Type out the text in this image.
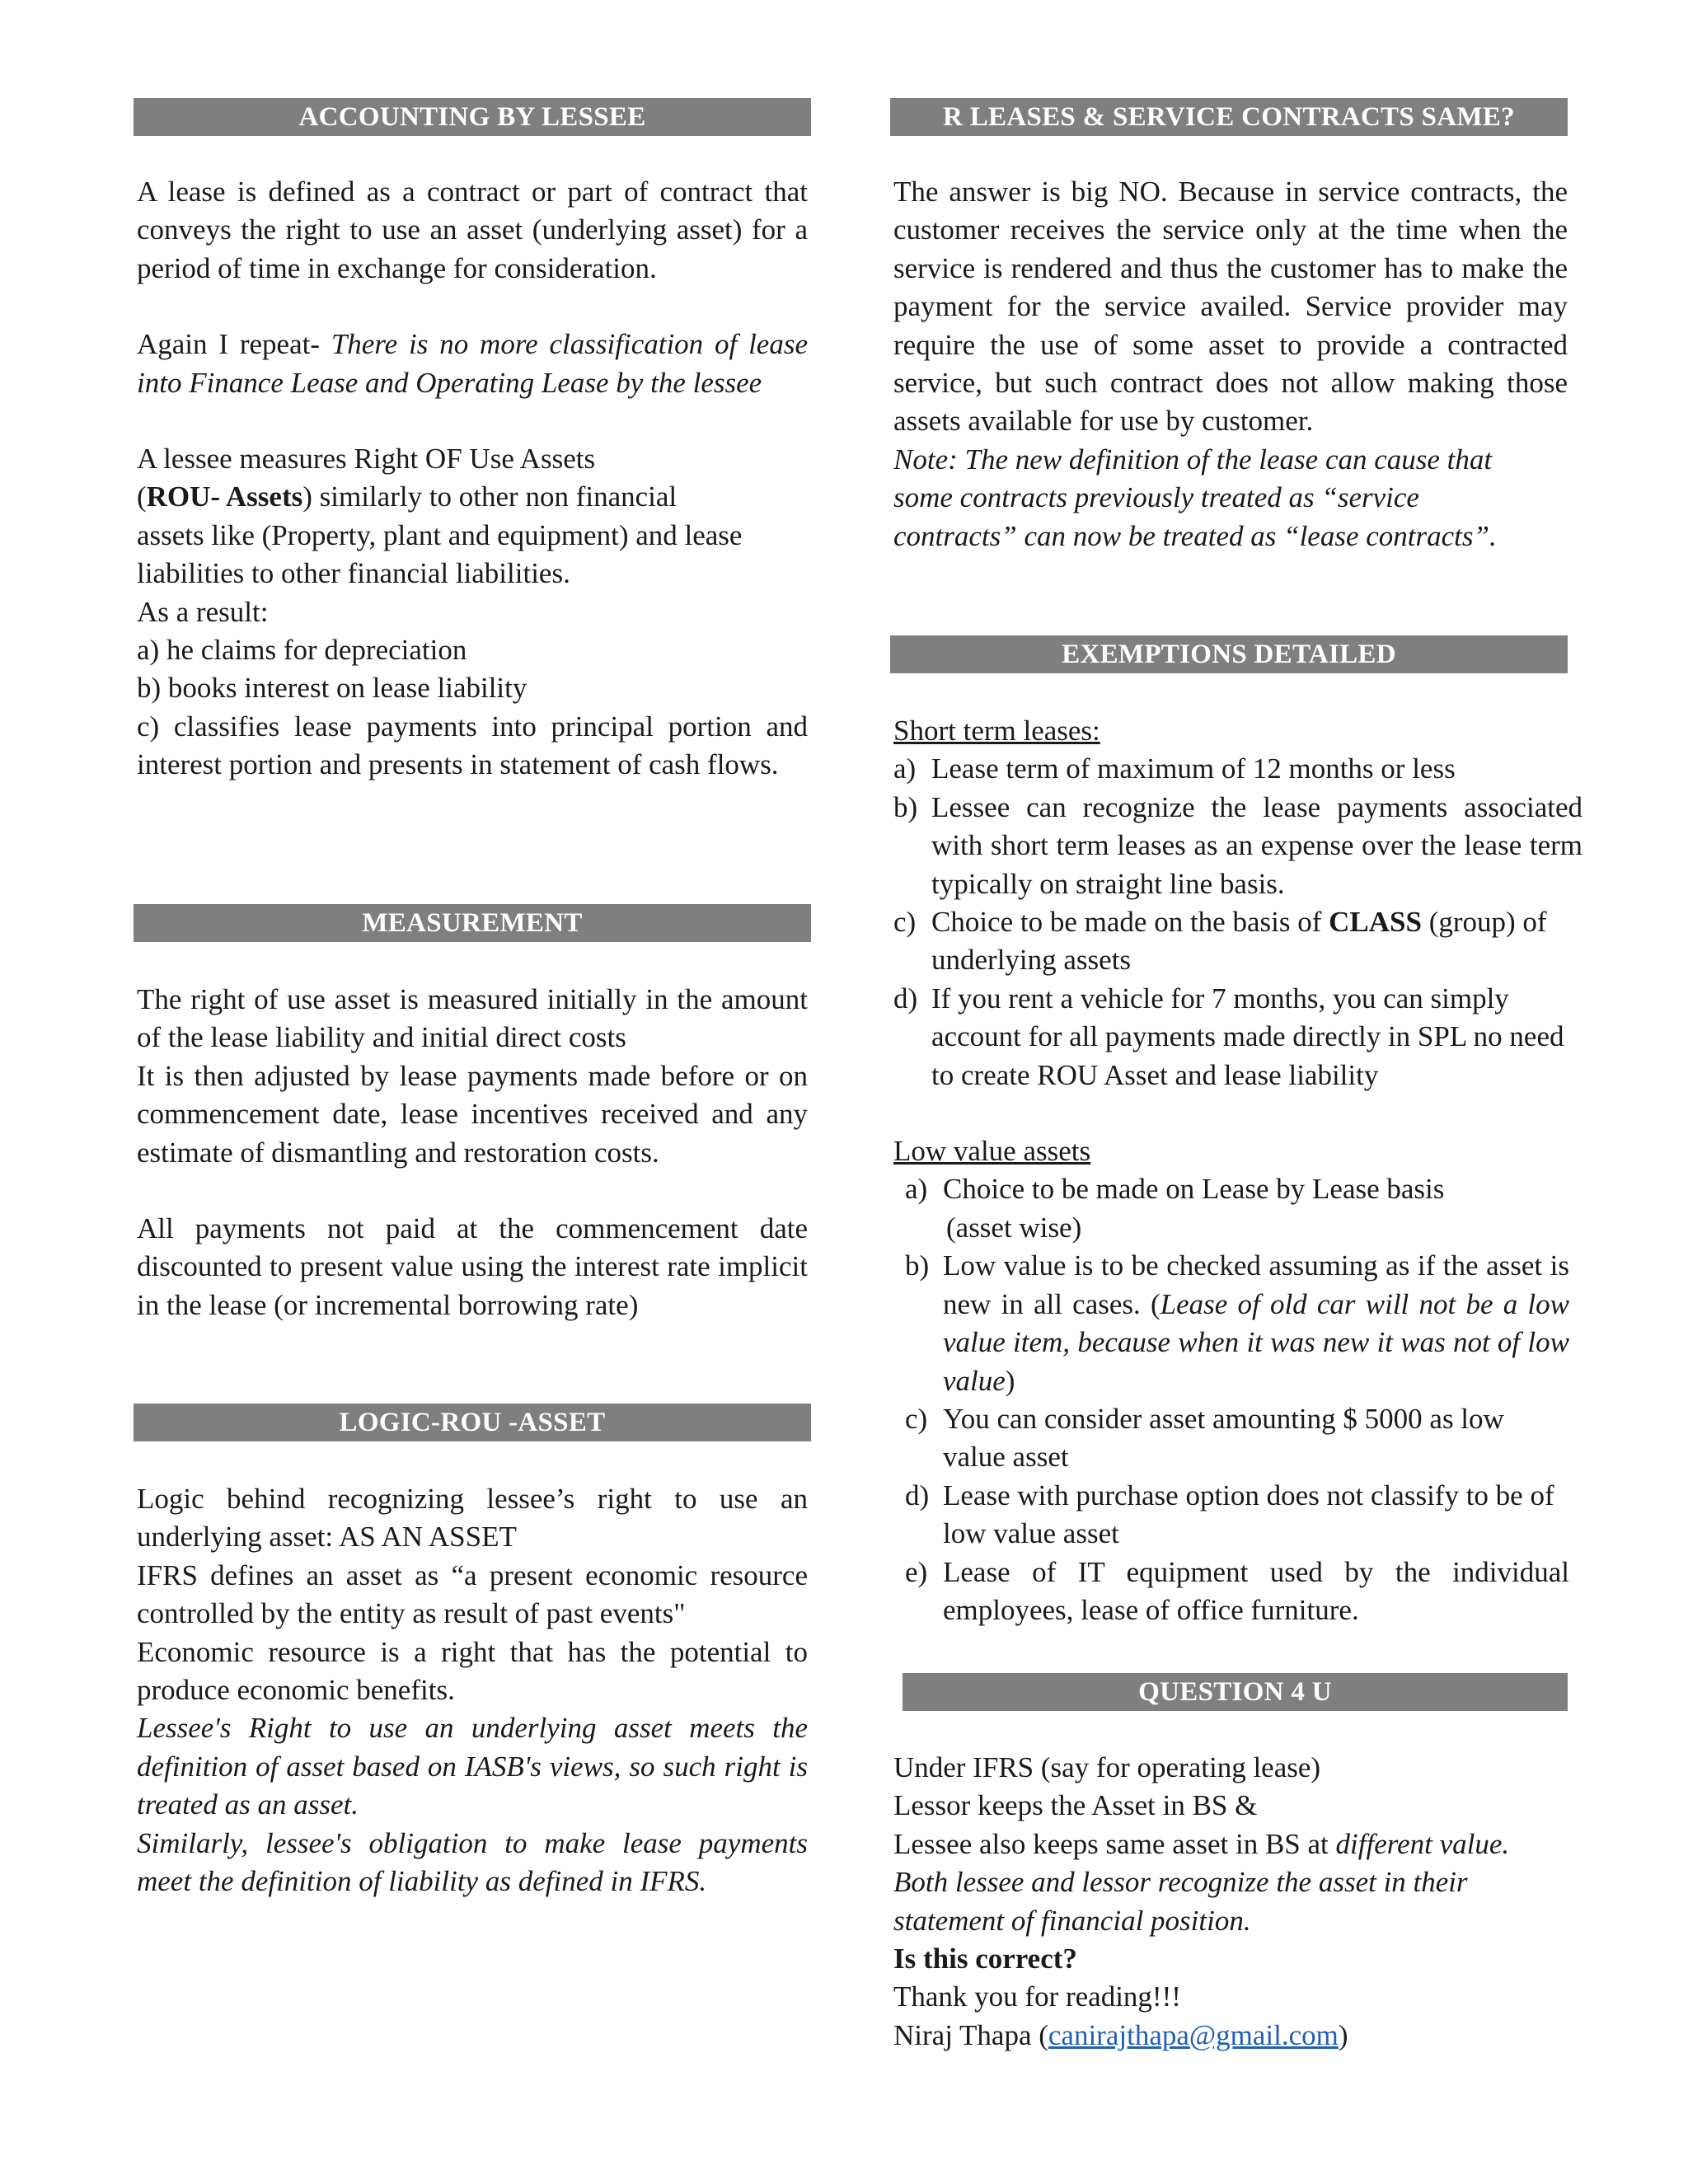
ACCOUNTING BY LESSEE

A lease is defined as a contract or part of contract that conveys the right to use an asset (underlying asset) for a period of time in exchange for consideration.

Again I repeat- There is no more classification of lease into Finance Lease and Operating Lease by the lessee

A lessee measures Right OF Use Assets

(ROU- Assets) similarly to other non financial assets like (Property, plant and equipment) and lease liabilities to other financial liabilities.

As a result:

a) he claims for depreciation

b) books interest on lease liability

c) classifies lease payments into principal portion and interest portion and presents in statement of cash flows.

MEASUREMENT

The right of use asset is measured initially in the amount of the lease liability and initial direct costs

It is then adjusted by lease payments made before or on commencement date, lease incentives received and any estimate of dismantling and restoration costs.

All payments not paid at the commencement date discounted to present value using the interest rate implicit in the lease (or incremental borrowing rate)

LOGIC-ROU -ASSET

Logic behind recognizing lessee’s right to use an underlying asset: AS AN ASSET

IFRS defines an asset as “a present economic resource controlled by the entity as result of past events"

Economic resource is a right that has the potential to produce economic benefits.

Lessee's Right to use an underlying asset meets the definition of asset based on IASB's views, so such right is treated as an asset.

Similarly, lessee's obligation to make lease payments meet the definition of liability as defined in IFRS.

R LEASES & SERVICE CONTRACTS SAME?

The answer is big NO. Because in service contracts, the customer receives the service only at the time when the service is rendered and thus the customer has to make the payment for the service availed. Service provider may require the use of some asset to provide a contracted service, but such contract does not allow making those assets available for use by customer.

Note: The new definition of the lease can cause that some contracts previously treated as “service contracts” can now be treated as “lease contracts”.

EXEMPTIONS DETAILED

Short term leases:

a) Lease term of maximum of 12 months or less
b) Lessee can recognize the lease payments associated with short term leases as an expense over the lease term typically on straight line basis.
c) Choice to be made on the basis of CLASS (group) of underlying assets
d) If you rent a vehicle for 7 months, you can simply account for all payments made directly in SPL no need to create ROU Asset and lease liability

Low value assets

a) Choice to be made on Lease by Lease basis
(asset wise)
b) Low value is to be checked assuming as if the asset is new in all cases. (Lease of old car will not be a low value item, because when it was new it was not of low value)
c) You can consider asset amounting $ 5000 as low value asset
d) Lease with purchase option does not classify to be of low value asset
e) Lease of IT equipment used by the individual employees, lease of office furniture.
QUESTION 4 U

Under IFRS (say for operating lease)

Lessor keeps the Asset in BS &

Lessee also keeps same asset in BS at different value.

Both lessee and lessor recognize the asset in their statement of financial position.

Is this correct?

Thank you for reading!!!

Niraj Thapa (canirajthapa@gmail.com)
